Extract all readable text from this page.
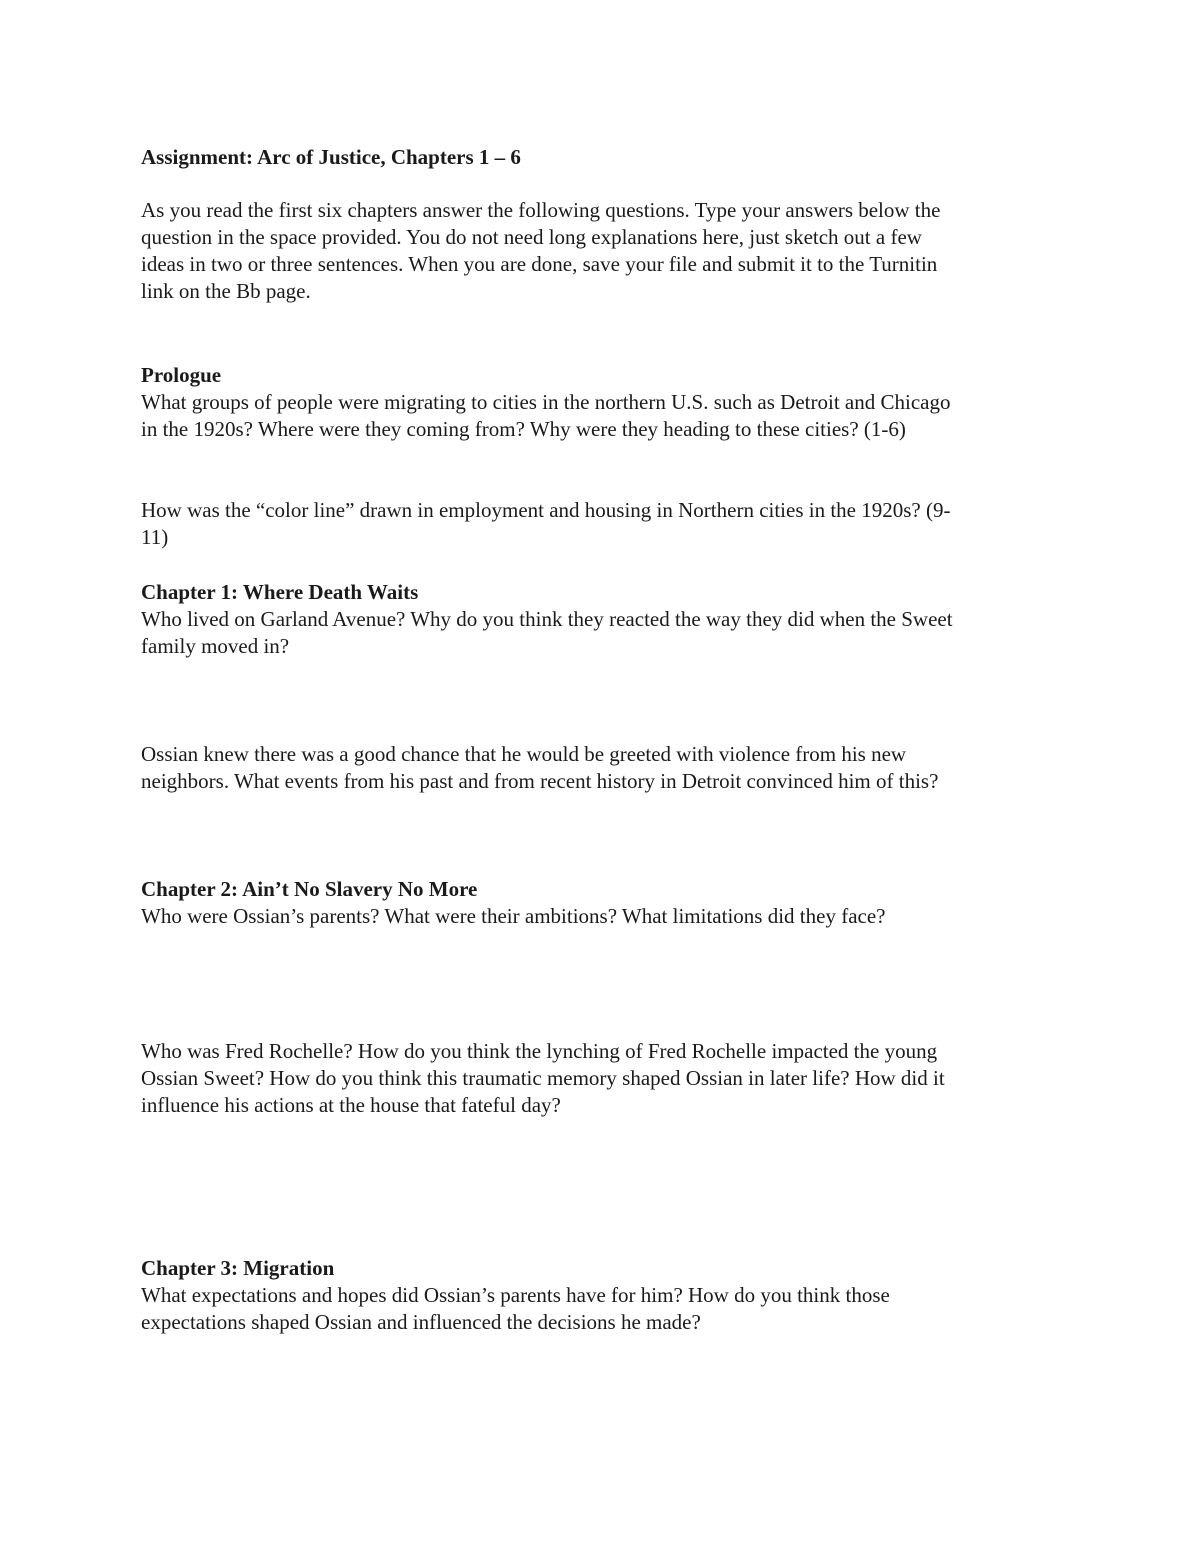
Assignment: Arc of Justice, Chapters 1 – 6

As you read the first six chapters answer the following questions. Type your answers below the
question in the space provided. You do not need long explanations here, just sketch out a few
ideas in two or three sentences. When you are done, save your file and submit it to the Turnitin
link on the Bb page.

Prologue

What groups of people were migrating to cities in the northern U.S. such as Detroit and Chicago
in the 1920s? Where were they coming from? Why were they heading to these cities? (1-6)

How was the “color line” drawn in employment and housing in Northern cities in the 1920s? (9-
11)

Chapter 1: Where Death Waits

Who lived on Garland Avenue? Why do you think they reacted the way they did when the Sweet
family moved in?

Ossian knew there was a good chance that he would be greeted with violence from his new
neighbors. What events from his past and from recent history in Detroit convinced him of this?

Chapter 2: Ain’t No Slavery No More

Who were Ossian’s parents? What were their ambitions? What limitations did they face?

Who was Fred Rochelle? How do you think the lynching of Fred Rochelle impacted the young
Ossian Sweet? How do you think this traumatic memory shaped Ossian in later life? How did it
influence his actions at the house that fateful day?

Chapter 3: Migration

What expectations and hopes did Ossian’s parents have for him? How do you think those
expectations shaped Ossian and influenced the decisions he made?
